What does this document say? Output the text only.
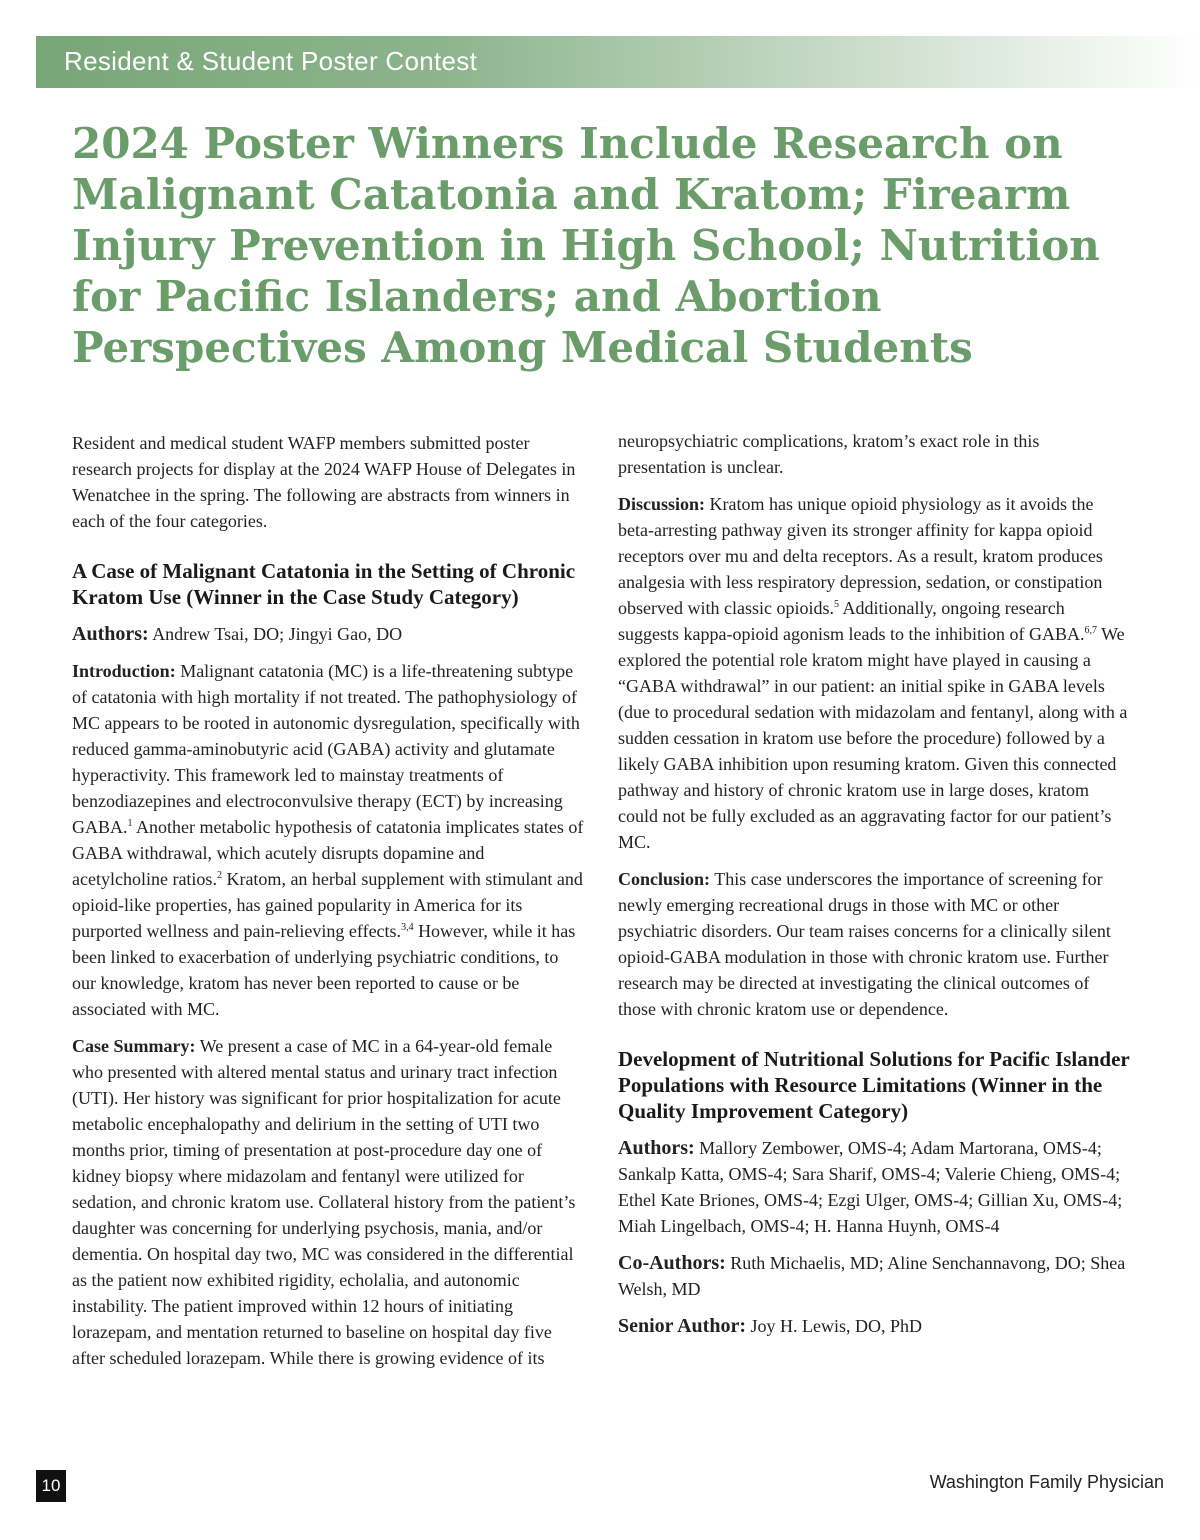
Resident & Student Poster Contest
2024 Poster Winners Include Research on Malignant Catatonia and Kratom; Firearm Injury Prevention in High School; Nutrition for Pacific Islanders; and Abortion Perspectives Among Medical Students

Resident and medical student WAFP members submitted poster research projects for display at the 2024 WAFP House of Delegates in Wenatchee in the spring. The following are abstracts from winners in each of the four categories.

A Case of Malignant Catatonia in the Setting of Chronic Kratom Use (Winner in the Case Study Category)

Authors: Andrew Tsai, DO; Jingyi Gao, DO

Introduction: Malignant catatonia (MC) is a life-threatening subtype of catatonia with high mortality if not treated. The pathophysiology of MC appears to be rooted in autonomic dysregulation, specifically with reduced gamma-aminobutyric acid (GABA) activity and glutamate hyperactivity. This framework led to mainstay treatments of benzodiazepines and electroconvulsive therapy (ECT) by increasing GABA.$^1$ Another metabolic hypothesis of catatonia implicates states of GABA withdrawal, which acutely disrupts dopamine and acetylcholine ratios.$^2$ Kratom, an herbal supplement with stimulant and opioid-like properties, has gained popularity in America for its purported wellness and pain-relieving effects.$^{3,4}$ However, while it has been linked to exacerbation of underlying psychiatric conditions, to our knowledge, kratom has never been reported to cause or be associated with MC.

Case Summary: We present a case of MC in a 64-year-old female who presented with altered mental status and urinary tract infection (UTI). Her history was significant for prior hospitalization for acute metabolic encephalopathy and delirium in the setting of UTI two months prior, timing of presentation at post-procedure day one of kidney biopsy where midazolam and fentanyl were utilized for sedation, and chronic kratom use. Collateral history from the patient’s daughter was concerning for underlying psychosis, mania, and/or dementia. On hospital day two, MC was considered in the differential as the patient now exhibited rigidity, echolalia, and autonomic instability. The patient improved within 12 hours of initiating lorazepam, and mentation returned to baseline on hospital day five after scheduled lorazepam. While there is growing evidence of its

neuropsychiatric complications, kratom’s exact role in this presentation is unclear.

Discussion: Kratom has unique opioid physiology as it avoids the beta-arresting pathway given its stronger affinity for kappa opioid receptors over mu and delta receptors. As a result, kratom produces analgesia with less respiratory depression, sedation, or constipation observed with classic opioids.$^5$ Additionally, ongoing research suggests kappa-opioid agonism leads to the inhibition of GABA.$^{6,7}$ We explored the potential role kratom might have played in causing a “GABA withdrawal” in our patient: an initial spike in GABA levels (due to procedural sedation with midazolam and fentanyl, along with a sudden cessation in kratom use before the procedure) followed by a likely GABA inhibition upon resuming kratom. Given this connected pathway and history of chronic kratom use in large doses, kratom could not be fully excluded as an aggravating factor for our patient’s MC.

Conclusion: This case underscores the importance of screening for newly emerging recreational drugs in those with MC or other psychiatric disorders. Our team raises concerns for a clinically silent opioid-GABA modulation in those with chronic kratom use. Further research may be directed at investigating the clinical outcomes of those with chronic kratom use or dependence.

Development of Nutritional Solutions for Pacific Islander Populations with Resource Limitations (Winner in the Quality Improvement Category)

Authors: Mallory Zembower, OMS-4; Adam Martorana, OMS-4; Sankalp Katta, OMS-4; Sara Sharif, OMS-4; Valerie Chieng, OMS-4; Ethel Kate Briones, OMS-4; Ezgi Ulger, OMS-4; Gillian Xu, OMS-4; Miah Lingelbach, OMS-4; H. Hanna Huynh, OMS-4

Co-Authors: Ruth Michaelis, MD; Aline Senchannavong, DO; Shea Welsh, MD

Senior Author: Joy H. Lewis, DO, PhD

10	Washington Family Physician
